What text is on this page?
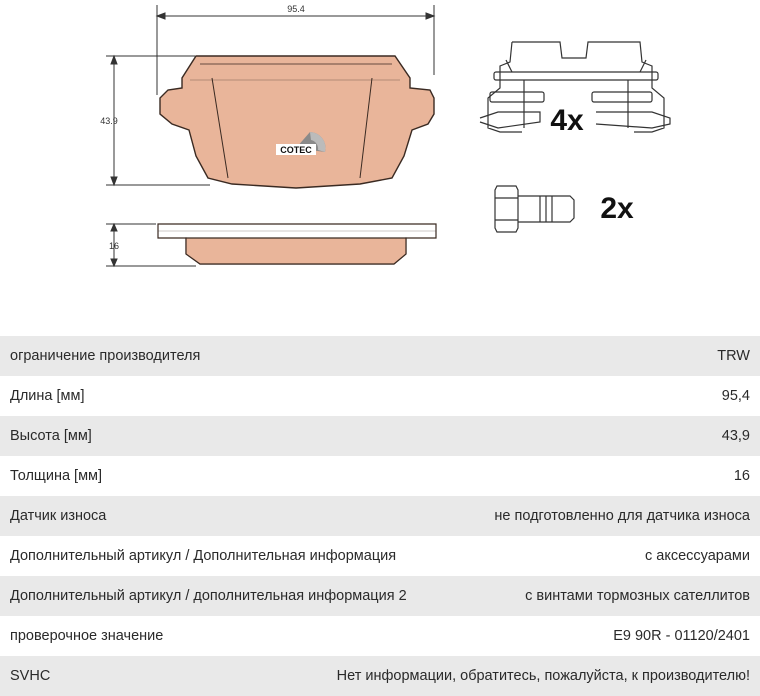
95.4
43.9
COTEC
16
4x
2x
ограничение производителя	TRW
Длина [мм]	95,4
Высота [мм]	43,9
Толщина [мм]	16
Датчик износа	не подготовленно для датчика износа
Дополнительный артикул / Дополнительная информация	с аксессуарами
Дополнительный артикул / дополнительная информация 2	с винтами тормозных сателлитов
проверочное значение	E9 90R - 01120/2401
SVHC	Нет информации, обратитесь, пожалуйста, к производителю!
